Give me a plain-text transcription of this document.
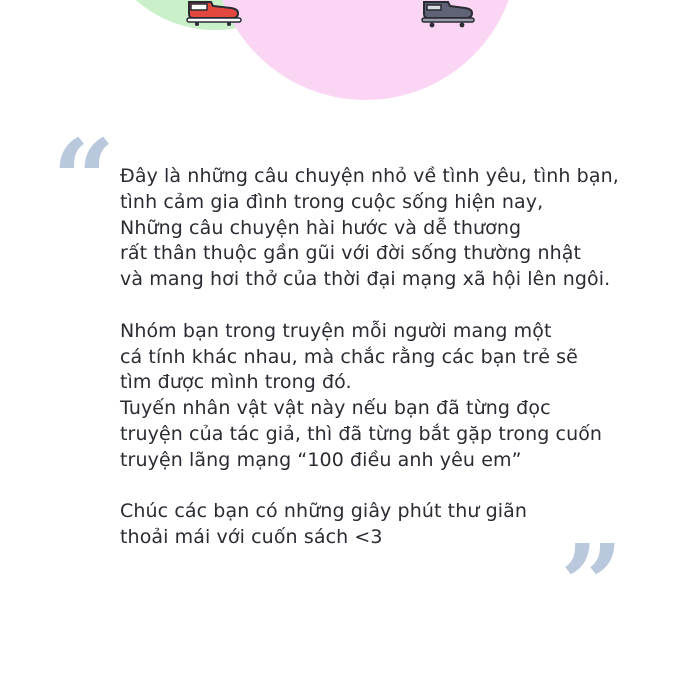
“
”

Đây là những câu chuyện nhỏ về tình yêu, tình bạn,
tình cảm gia đình trong cuộc sống hiện nay,
Những câu chuyện hài hước và dễ thương
rất thân thuộc gần gũi với đời sống thường nhật
và mang hơi thở của thời đại mạng xã hội lên ngôi.

Nhóm bạn trong truyện mỗi người mang một
cá tính khác nhau, mà chắc rằng các bạn trẻ sẽ
tìm được mình trong đó.
Tuyến nhân vật vật này nếu bạn đã từng đọc
truyện của tác giả, thì đã từng bắt gặp trong cuốn
truyện lãng mạng “100 điều anh yêu em”

Chúc các bạn có những giây phút thư giãn
thoải mái với cuốn sách <3
